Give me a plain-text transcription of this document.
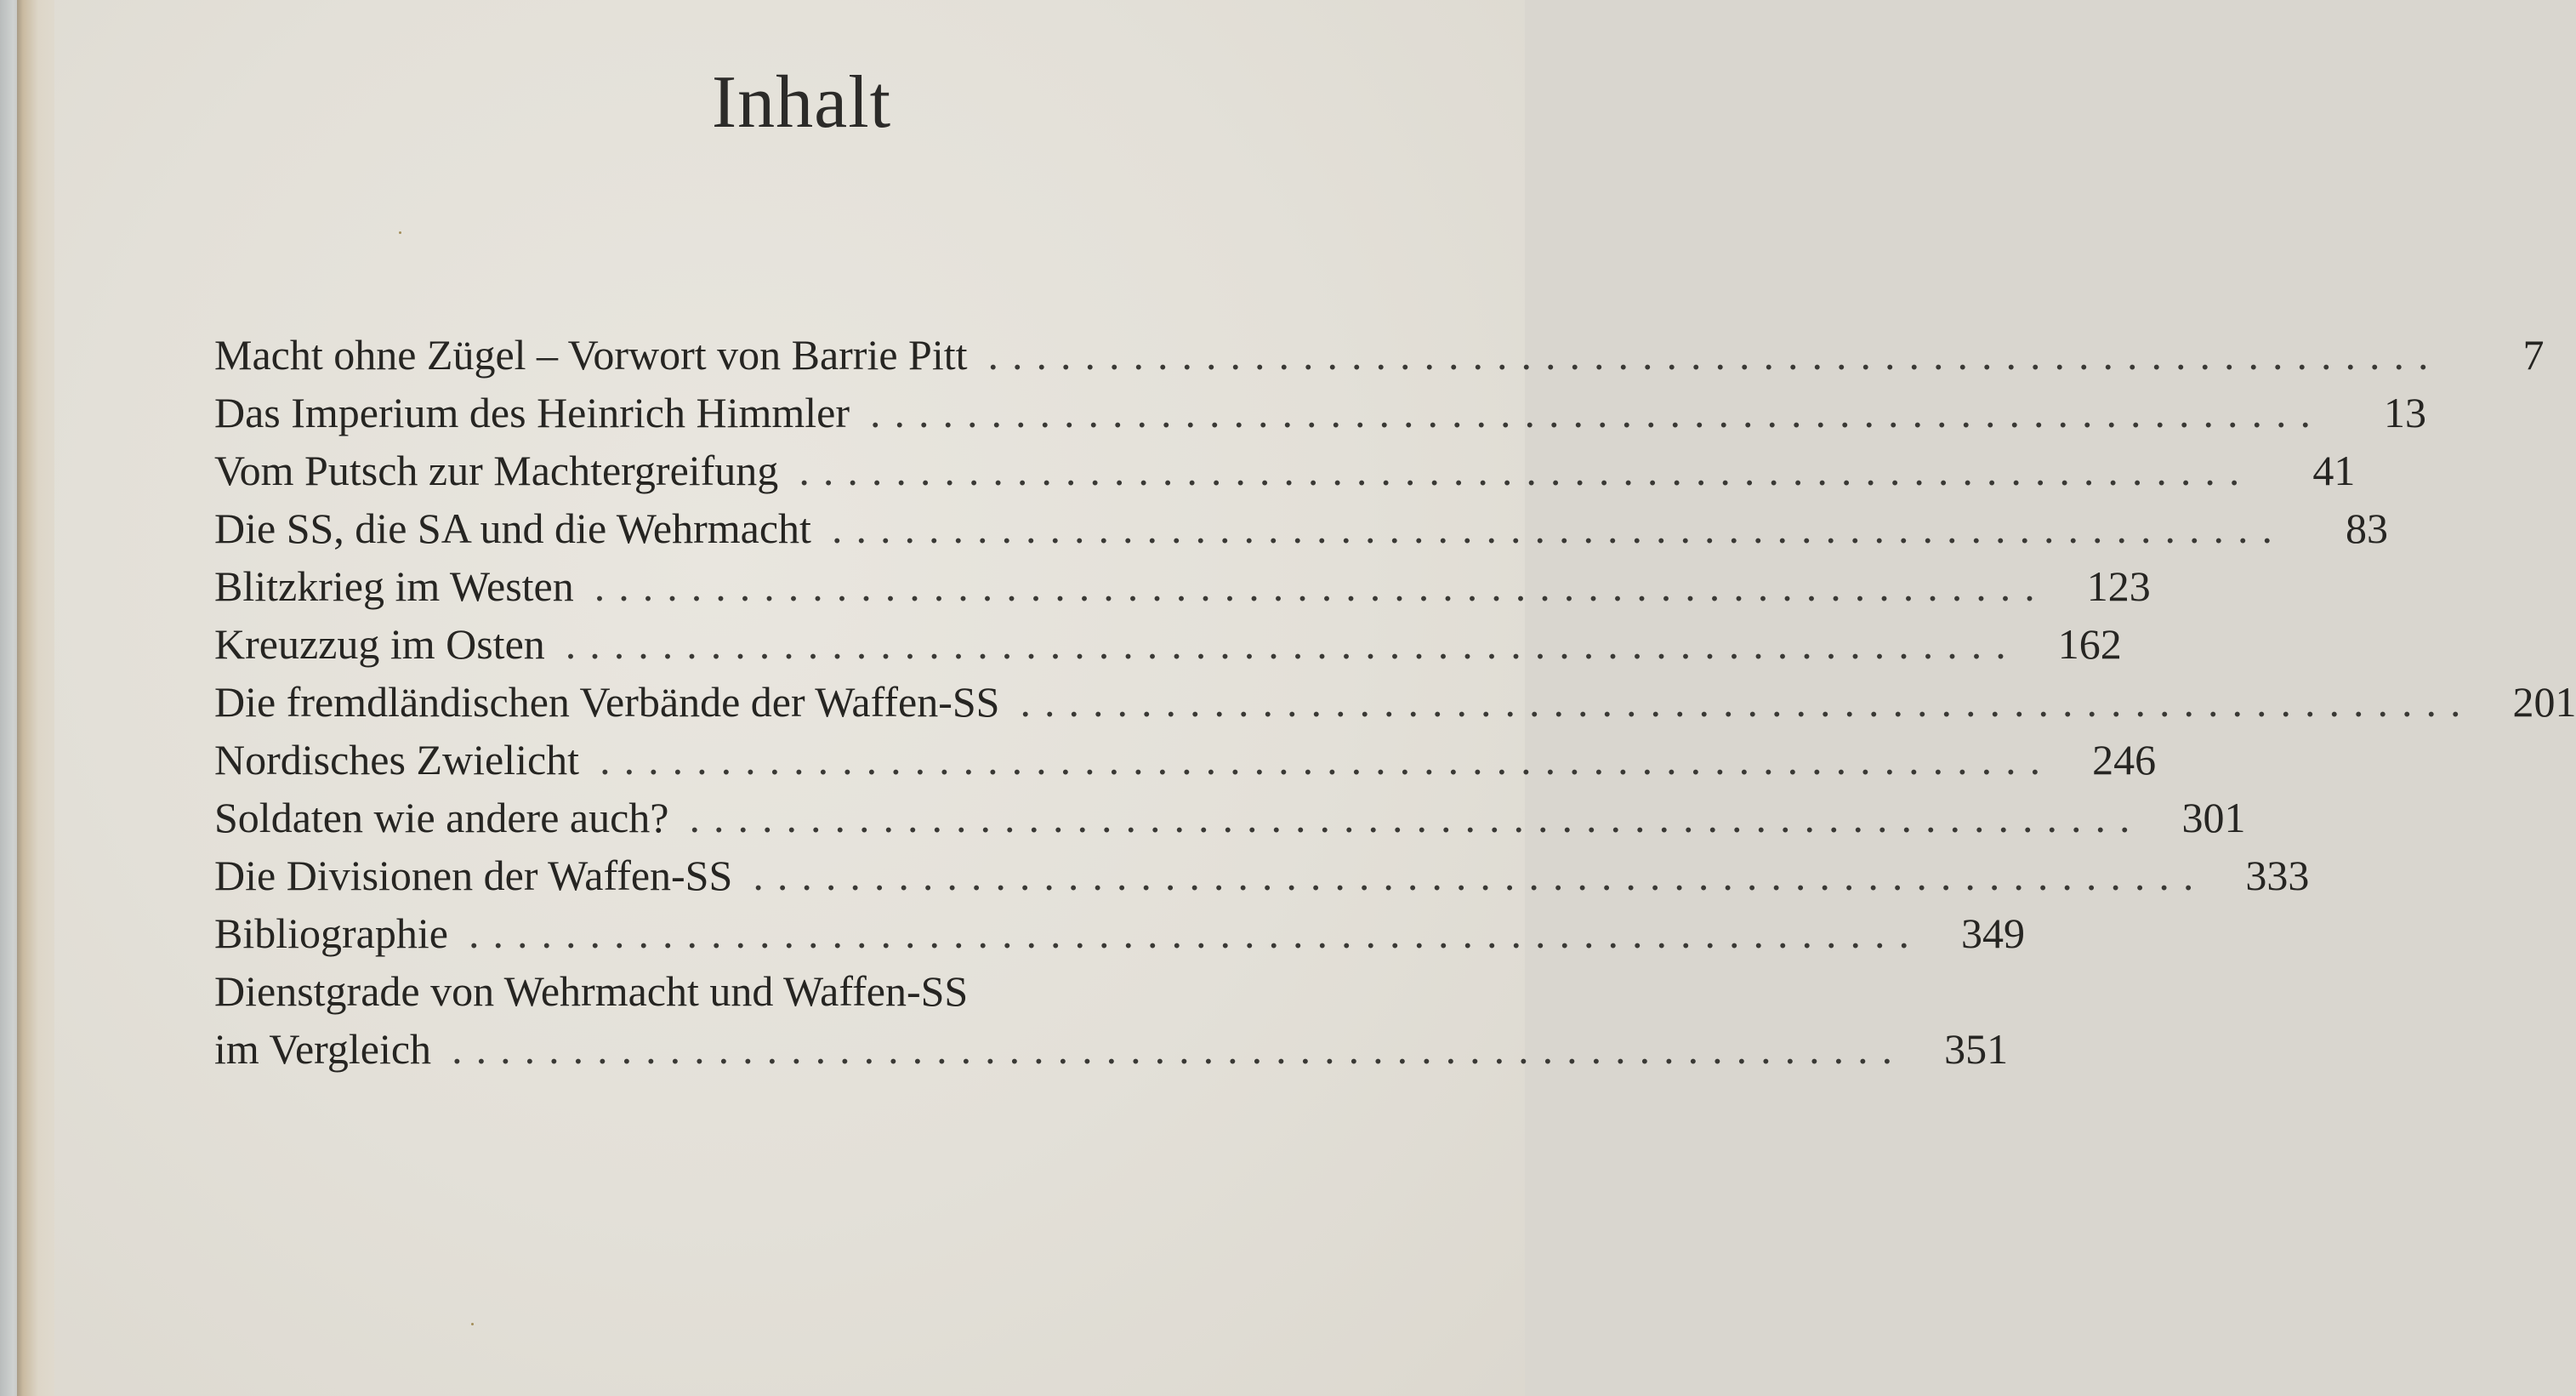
Inhalt
Macht ohne Zügel – Vorwort von Barrie Pitt ............................................................	7
Das Imperium des Heinrich Himmler ............................................................	13
Vom Putsch zur Machtergreifung ............................................................	41
Die SS, die SA und die Wehrmacht ............................................................	83
Blitzkrieg im Westen ............................................................ 123
Kreuzzug im Osten ............................................................ 162
Die fremdländischen Verbände der Waffen-SS ............................................................ 201
Nordisches Zwielicht ............................................................ 246
Soldaten wie andere auch? ............................................................ 301
Die Divisionen der Waffen-SS ............................................................ 333
Bibliographie ............................................................ 349
Dienstgrade von Wehrmacht und Waffen-SS
im Vergleich ............................................................ 351
